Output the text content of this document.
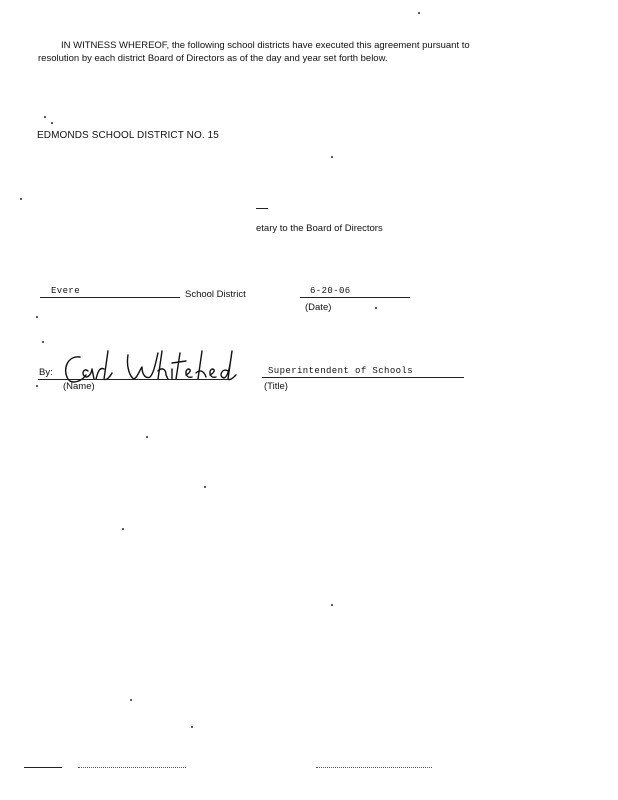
IN WITNESS WHEREOF, the following school districts have executed this agreement pursuant to
resolution by each district Board of Directors as of the day and year set forth below.
EDMONDS SCHOOL DISTRICT NO. 15
etary to the Board of Directors
Evere	School District	6-20-06
(Date)
By:
(Name)
Superintendent of Schools
(Title)
